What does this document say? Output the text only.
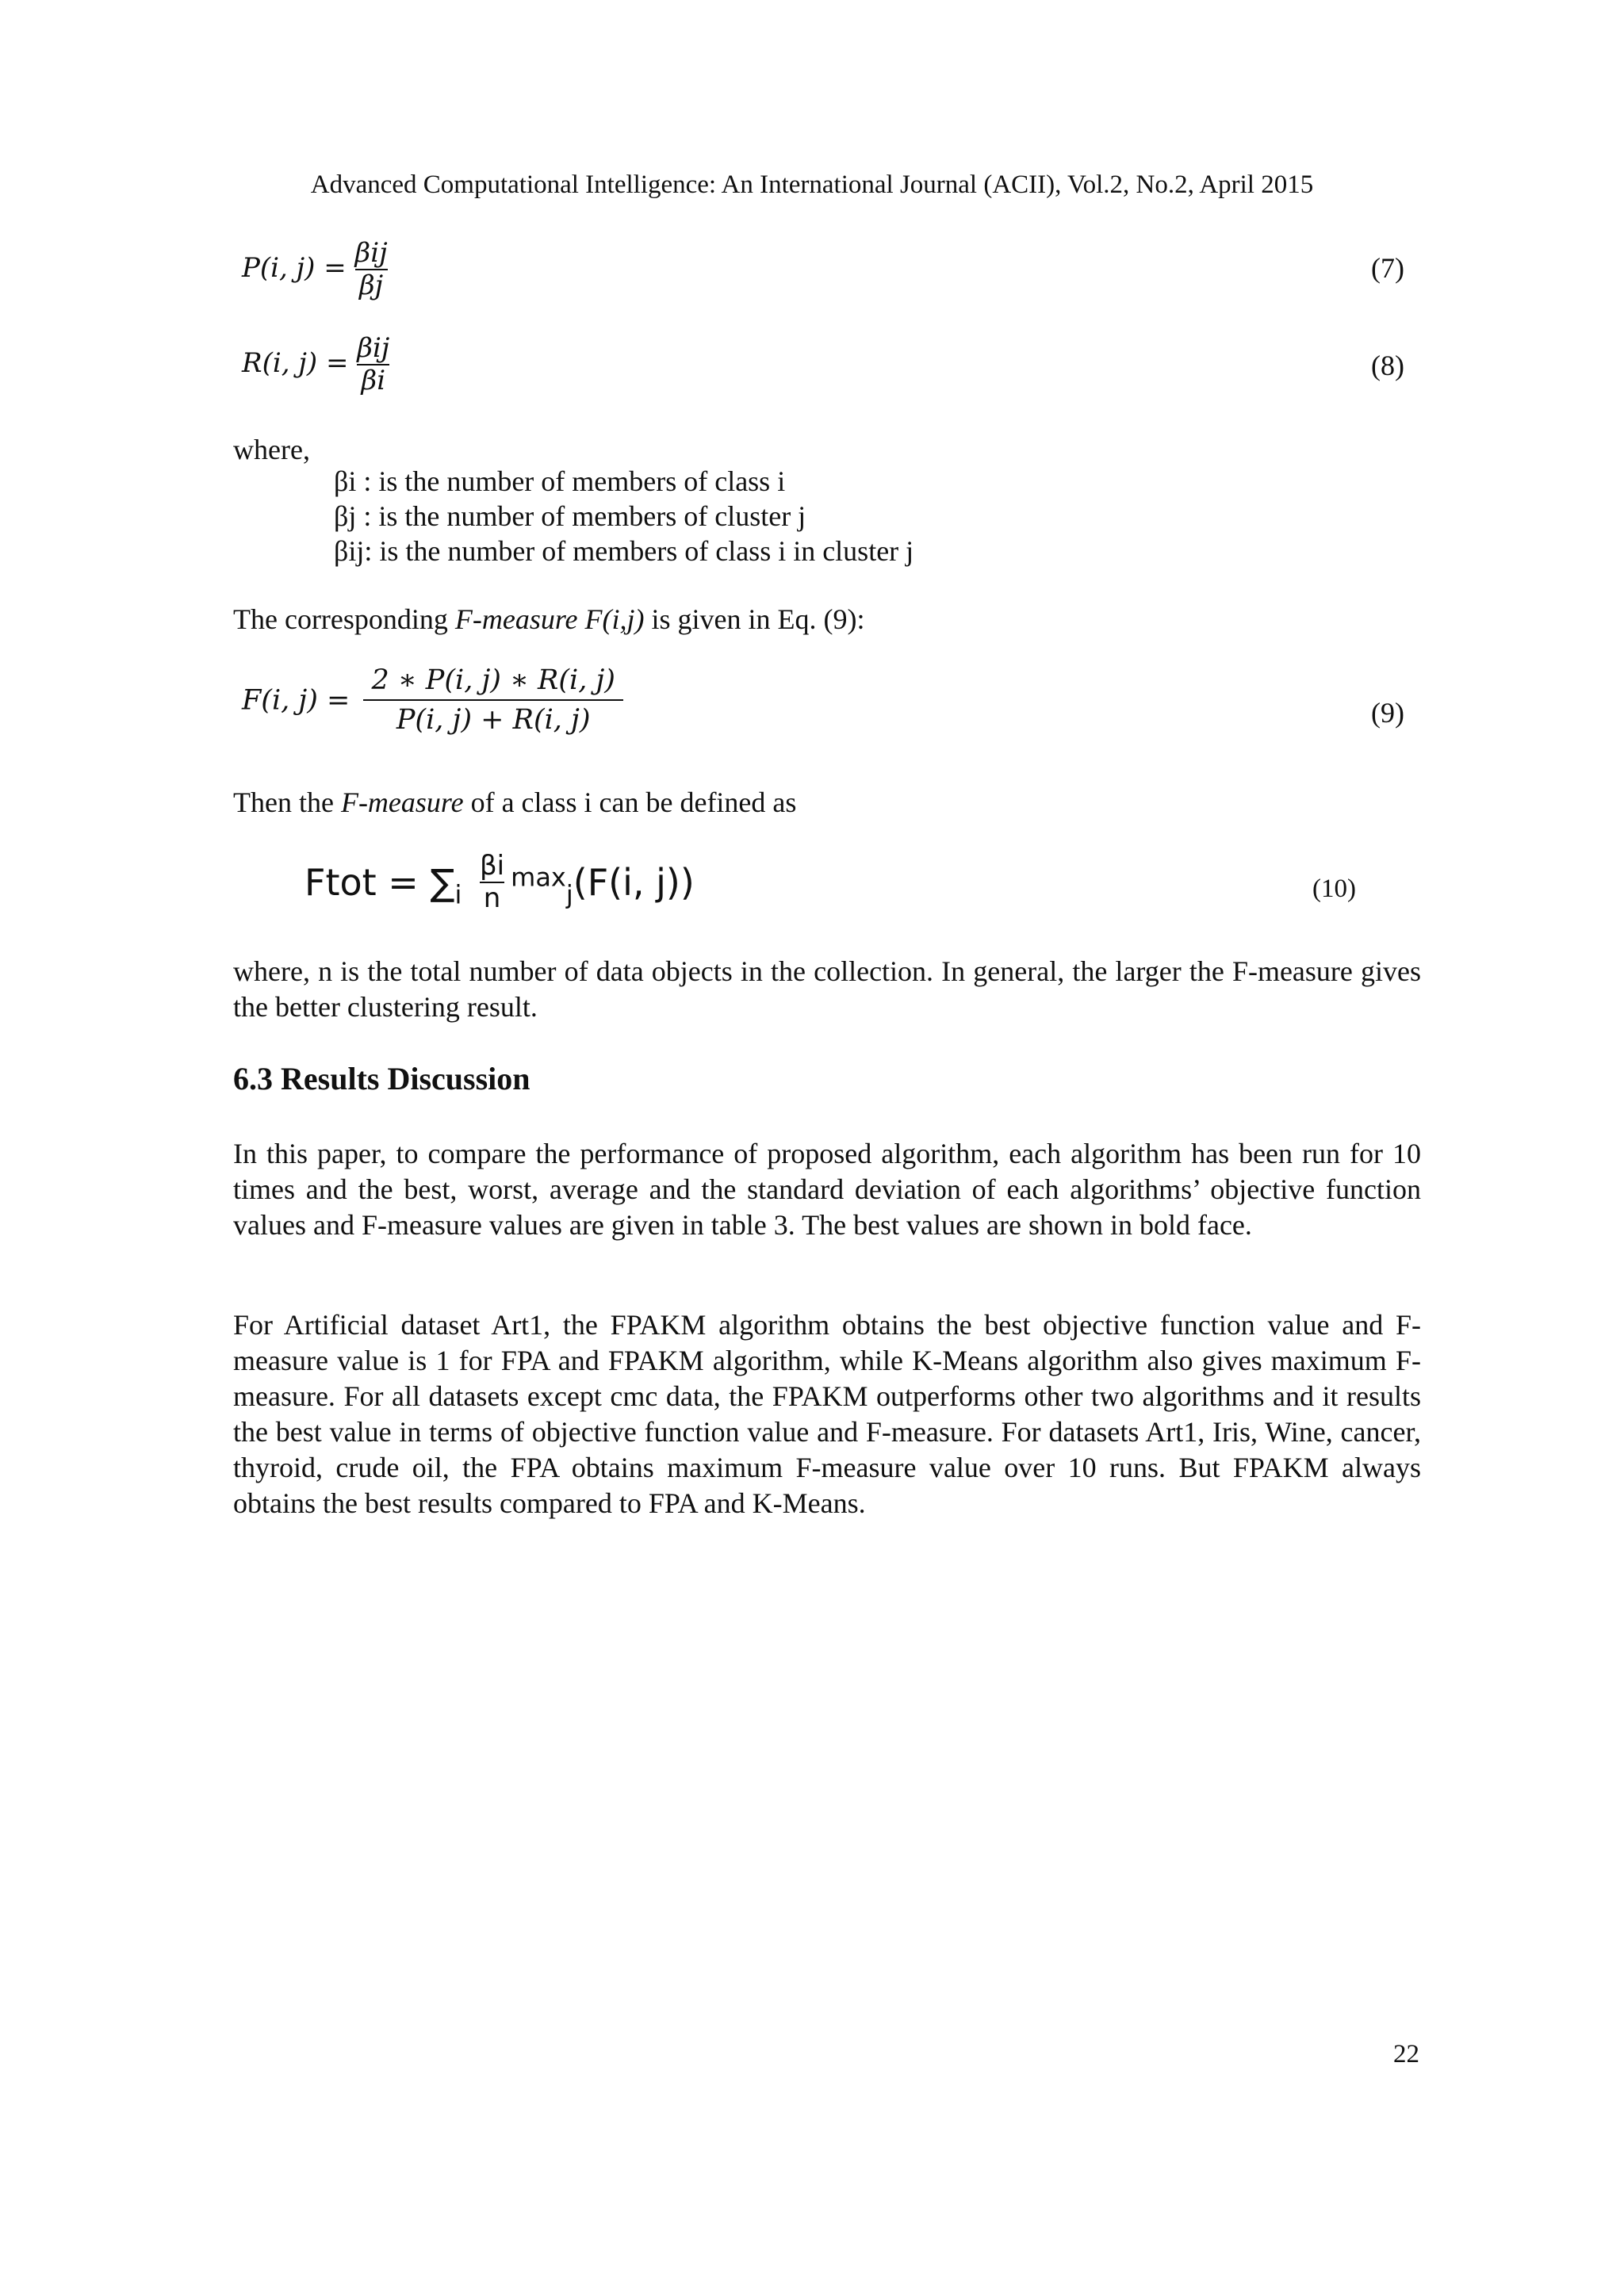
Advanced Computational Intelligence: An International Journal (ACII), Vol.2, No.2, April 2015
P(i, $j) = \frac{\text{βij}}{\beta j}$	(7)
R(i, $j) = \frac{\text{βij}}{\beta i}$	(8)
where,
βi : is the number of members of class i
βj : is the number of members of cluster j
βij: is the number of members of class i in cluster j
The corresponding F-measure F(i,j) is given in Eq. (9):
F(i, $j) = \frac{2 ∗ P(i, j) ∗ R(i, j)}{P(i, j) + R(i, j)}$	(9)
Then the F-measure of a class i can be defined as
Ftot = $\sum_i \frac{\beta i}{n} \max_j(F(i$, j))	(10)
where, n is the total number of data objects in the collection. In general, the larger the F-measure gives the better clustering result.
6.3 Results Discussion
In this paper, to compare the performance of proposed algorithm, each algorithm has been run for 10 times and the best, worst, average and the standard deviation of each algorithms’ objective function values and F-measure values are given in table 3. The best values are shown in bold face.
For Artificial dataset Art1, the FPAKM algorithm obtains the best objective function value and F-measure value is 1 for FPA and FPAKM algorithm, while K-Means algorithm also gives maximum F-measure. For all datasets except cmc data, the FPAKM outperforms other two algorithms and it results the best value in terms of objective function value and F-measure. For datasets Art1, Iris, Wine, cancer, thyroid, crude oil, the FPA obtains maximum F-measure value over 10 runs. But FPAKM always obtains the best results compared to FPA and K-Means.
22
